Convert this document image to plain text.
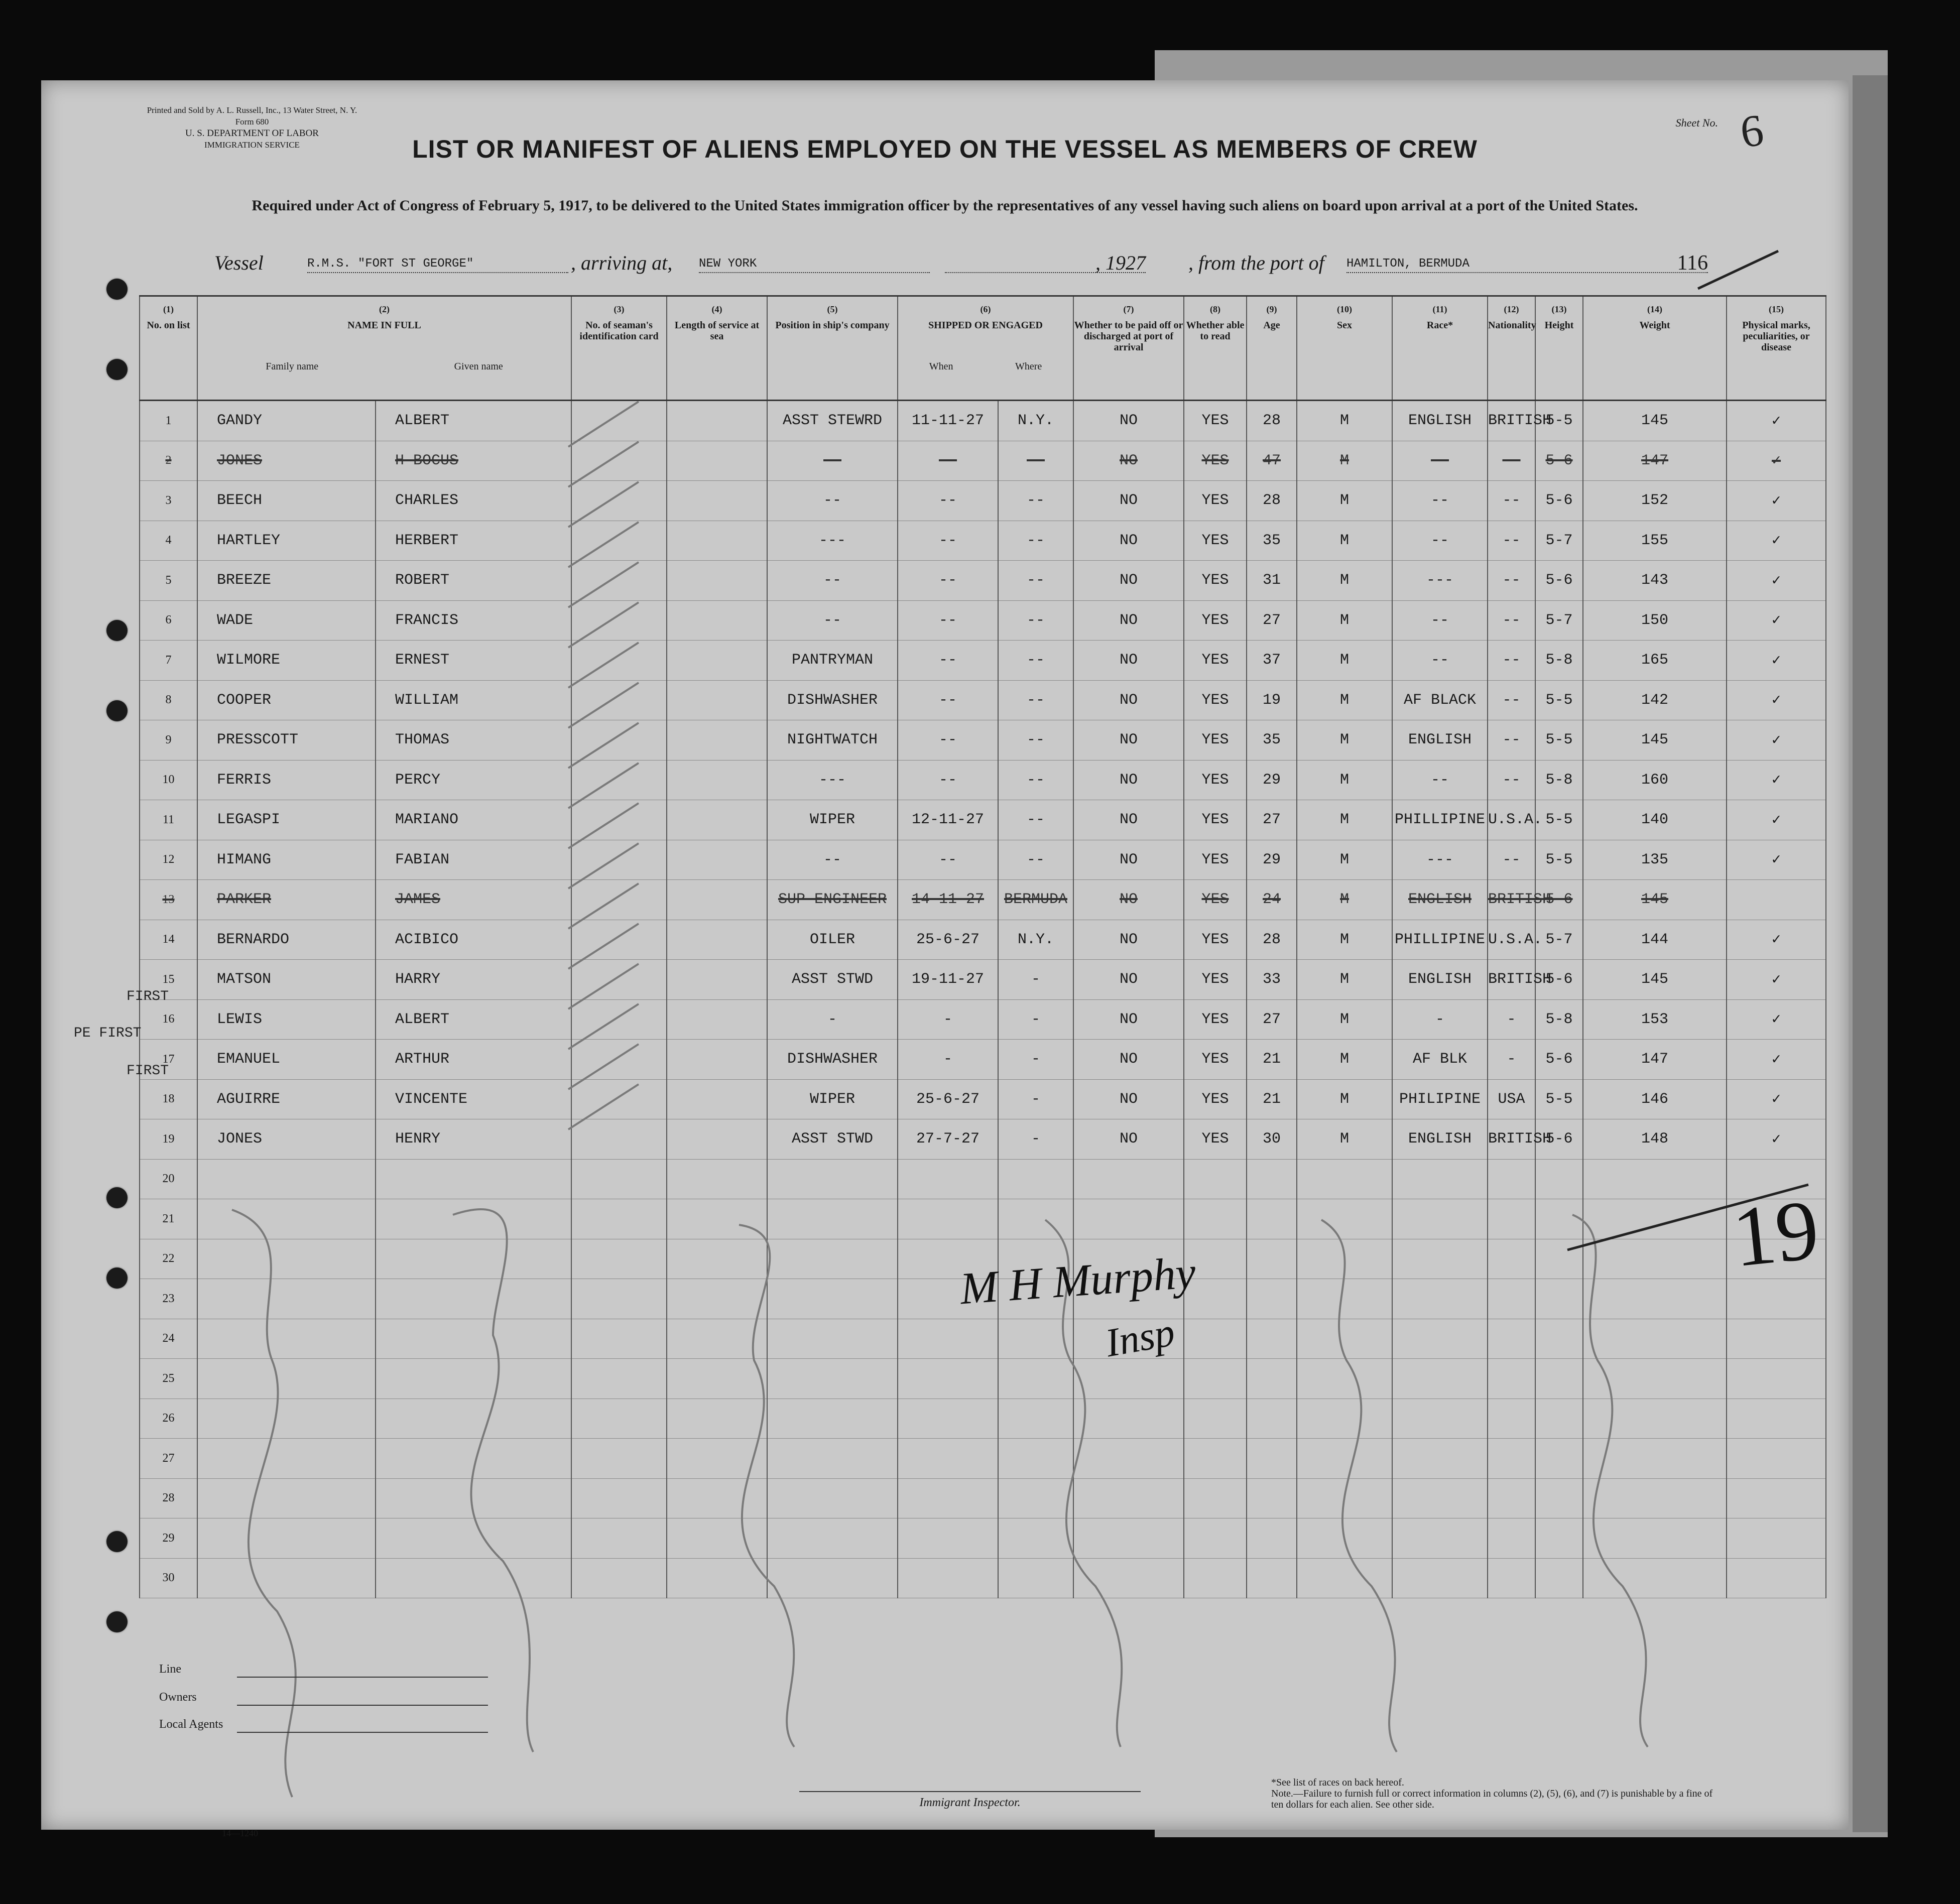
Printed and Sold by A. L. Russell, Inc., 13 Water Street, N. Y.
Form 680
U. S. DEPARTMENT OF LABOR
IMMIGRATION SERVICE
Sheet No. 6
LIST OR MANIFEST OF ALIENS EMPLOYED ON THE VESSEL AS MEMBERS OF CREW
Required under Act of Congress of February 5, 1917, to be delivered to the United States immigration officer by the representatives of any vessel having such aliens on board upon arrival at a port of the United States.
Vessel	R.M.S. "FORT ST GEORGE"	, arriving at, NEW YORK	, 1927 , from the port of HAMILTON, BERMUDA	116
(1)
No. on list	(2)
NAME IN FULL
Family name Given name		(3)
No. of seaman's identification card	(4)
Length of service at sea	(5)
Position in ship's company	(6)
SHIPPED OR ENGAGED
When Where		(7)
Whether to be paid off or discharged at port of arrival	(8)
Whether able to read	(9)
Age	(10)
Sex	(11)
Race*	(12)
Nationality	(13)
Height	(14)
Weight	(15)
Physical marks, peculiarities, or disease

1	GANDY	ALBERT			ASST STEWRD	11-11-27	N.Y.	NO	YES	28	M	ENGLISH	BRITISH	5-5	145	✓
2	JONES	H BOCUS			--	--	--	NO	YES	47	M	--	--	5-6	147	✓
3	BEECH	CHARLES			--	--	--	NO	YES	28	M	--	--	5-6	152	✓
4	HARTLEY	HERBERT			---	--	--	NO	YES	35	M	--	--	5-7	155	✓
5	BREEZE	ROBERT			--	--	--	NO	YES	31	M	---	--	5-6	143	✓
6	WADE	FRANCIS			--	--	--	NO	YES	27	M	--	--	5-7	150	✓
7	WILMORE	ERNEST			PANTRYMAN	--	--	NO	YES	37	M	--	--	5-8	165	✓
8	COOPER	WILLIAM			DISHWASHER	--	--	NO	YES	19	M	AF BLACK	--	5-5	142	✓
9	PRESSCOTT	THOMAS			NIGHTWATCH	--	--	NO	YES	35	M	ENGLISH	--	5-5	145	✓
10	FERRIS	PERCY			---	--	--	NO	YES	29	M	--	--	5-8	160	✓
11	LEGASPI	MARIANO			WIPER	12-11-27	--	NO	YES	27	M	PHILLIPINE	U.S.A.	5-5	140	✓
12	HIMANG	FABIAN			--	--	--	NO	YES	29	M	---	--	5-5	135	✓
13	PARKER	JAMES			SUP ENGINEER	14-11-27	BERMUDA	NO	YES	24	M	ENGLISH	BRITISH	5-6	145	
14	BERNARDO	ACIBICO			OILER	25-6-27	N.Y.	NO	YES	28	M	PHILLIPINE	U.S.A.	5-7	144	✓
15	MATSON	HARRY			ASST STWD	19-11-27	-	NO	YES	33	M	ENGLISH	BRITISH	5-6	145	✓
16	LEWIS	ALBERT			-	-	-	NO	YES	27	M	-	-	5-8	153	✓
17	EMANUEL	ARTHUR			DISHWASHER	-	-	NO	YES	21	M	AF BLK	-	5-6	147	✓
18	AGUIRRE	VINCENTE			WIPER	25-6-27	-	NO	YES	21	M	PHILIPINE	USA	5-5	146	✓
19	JONES	HENRY			ASST STWD	27-7-27	-	NO	YES	30	M	ENGLISH	BRITISH	5-6	148	✓
20																
21																
22																
23																
24																
25																
26																
27																
28																
29																
30																
FIRST
PE FIRST
FIRST
19
M H Murphy
Insp
Line
Owners
Local Agents
14—1240
Immigrant Inspector.
*See list of races on back hereof.
Note.—Failure to furnish full or correct information in columns (2), (5), (6), and (7) is punishable by a fine of ten dollars for each alien. See other side.
